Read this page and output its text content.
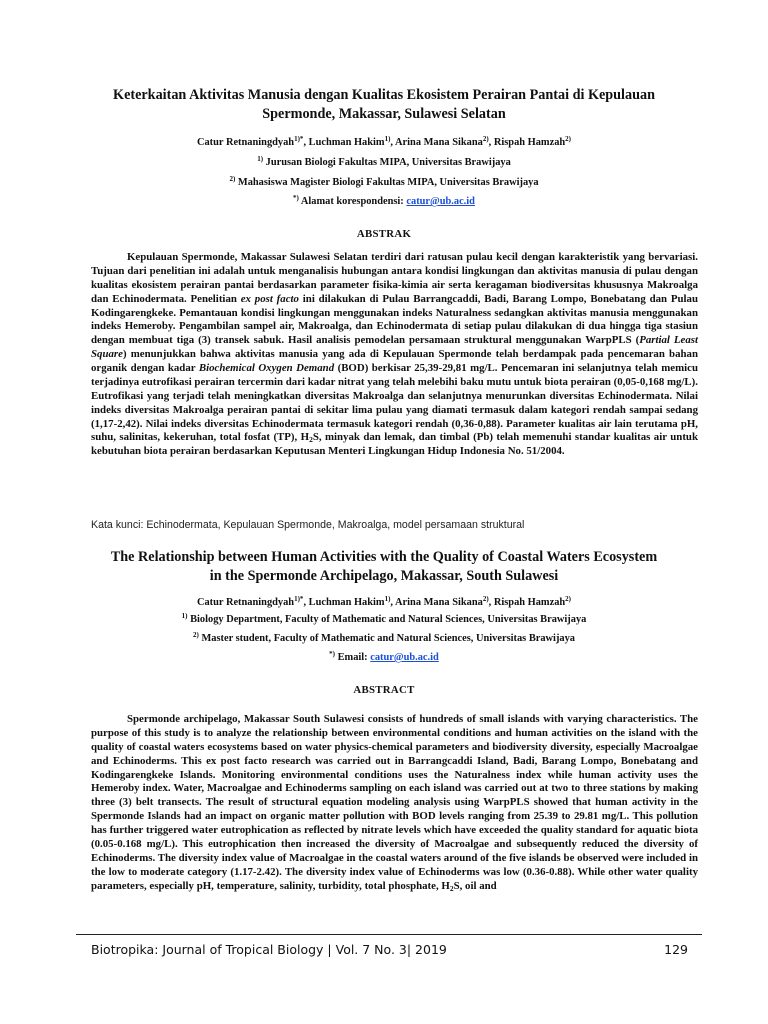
Keterkaitan Aktivitas Manusia dengan Kualitas Ekosistem Perairan Pantai di Kepulauan
Spermonde, Makassar, Sulawesi Selatan

Catur Retnaningdyah$^{1)*}$, Luchman Hakim$^{1)}$, Arina Mana Sikana$^{2)}$, Rispah Hamzah$^{2)}$

$^{1)}$ Jurusan Biologi Fakultas MIPA, Universitas Brawijaya

$^{2)}$ Mahasiswa Magister Biologi Fakultas MIPA, Universitas Brawijaya

*) Alamat korespondensi: catur@ub.ac.id

ABSTRAK

Kepulauan Spermonde, Makassar Sulawesi Selatan terdiri dari ratusan pulau kecil dengan karakteristik yang bervariasi. Tujuan dari penelitian ini adalah untuk menganalisis hubungan antara kondisi lingkungan dan aktivitas manusia di pulau dengan kualitas ekosistem perairan pantai berdasarkan parameter fisika-kimia air serta keragaman biodiversitas khususnya Makroalga dan Echinodermata. Penelitian ex post facto ini dilakukan di Pulau Barrangcaddi, Badi, Barang Lompo, Bonebatang dan Pulau Kodingarengkeke. Pemantauan kondisi lingkungan menggunakan indeks Naturalness sedangkan aktivitas manusia menggunakan indeks Hemeroby. Pengambilan sampel air, Makroalga, dan Echinodermata di setiap pulau dilakukan di dua hingga tiga stasiun dengan membuat tiga (3) transek sabuk. Hasil analisis pemodelan persamaan struktural menggunakan WarpPLS (Partial Least Square) menunjukkan bahwa aktivitas manusia yang ada di Kepulauan Spermonde telah berdampak pada pencemaran bahan organik dengan kadar Biochemical Oxygen Demand (BOD) berkisar 25,39-29,81 mg/L. Pencemaran ini selanjutnya telah memicu terjadinya eutrofikasi perairan tercermin dari kadar nitrat yang telah melebihi baku mutu untuk biota perairan (0,05-0,168 mg/L). Eutrofikasi yang terjadi telah meningkatkan diversitas Makroalga dan selanjutnya menurunkan diversitas Echinodermata. Nilai indeks diversitas Makroalga perairan pantai di sekitar lima pulau yang diamati termasuk dalam kategori rendah sampai sedang (1,17-2,42). Nilai indeks diversitas Echinodermata termasuk kategori rendah (0,36-0,88). Parameter kualitas air lain terutama pH, suhu, salinitas, kekeruhan, total fosfat (TP), $H_2S$, minyak dan lemak, dan timbal (Pb) telah memenuhi standar kualitas air untuk kebutuhan biota perairan berdasarkan Keputusan Menteri Lingkungan Hidup Indonesia No. 51/2004.

Kata kunci: Echinodermata, Kepulauan Spermonde, Makroalga, model persamaan struktural

The Relationship between Human Activities with the Quality of Coastal Waters Ecosystem
in the Spermonde Archipelago, Makassar, South Sulawesi

Catur Retnaningdyah$^{1)*}$, Luchman Hakim$^{1)}$, Arina Mana Sikana$^{2)}$, Rispah Hamzah$^{2)}$

$^{1)}$ Biology Department, Faculty of Mathematic and Natural Sciences, Universitas Brawijaya

$^{2)}$ Master student, Faculty of Mathematic and Natural Sciences, Universitas Brawijaya

*) Email: catur@ub.ac.id

ABSTRACT

Spermonde archipelago, Makassar South Sulawesi consists of hundreds of small islands with varying characteristics. The purpose of this study is to analyze the relationship between environmental conditions and human activities on the island with the quality of coastal waters ecosystems based on water physics-chemical parameters and biodiversity diversity, especially Macroalgae and Echinoderms. This ex post facto research was carried out in Barrangcaddi Island, Badi, Barang Lompo, Bonebatang and Kodingarengkeke Islands. Monitoring environmental conditions uses the Naturalness index while human activity uses the Hemeroby index. Water, Macroalgae and Echinoderms sampling on each island was carried out at two to three stations by making three (3) belt transects. The result of structural equation modeling analysis using WarpPLS showed that human activity in the Spermonde Islands had an impact on organic matter pollution with BOD levels ranging from 25.39 to 29.81 mg/L. This pollution has further triggered water eutrophication as reflected by nitrate levels which have exceeded the quality standard for aquatic biota (0.05-0.168 mg/L). This eutrophication then increased the diversity of Macroalgae and subsequently reduced the diversity of Echinoderms. The diversity index value of Macroalgae in the coastal waters around of the five islands be observed were included in the low to moderate category (1.17-2.42). The diversity index value of Echinoderms was low (0.36-0.88). While other water quality parameters, especially pH, temperature, salinity, turbidity, total phosphate, $H_2S$, oil and

Biotropika: Journal of Tropical Biology | Vol. 7 No. 3| 2019	129
